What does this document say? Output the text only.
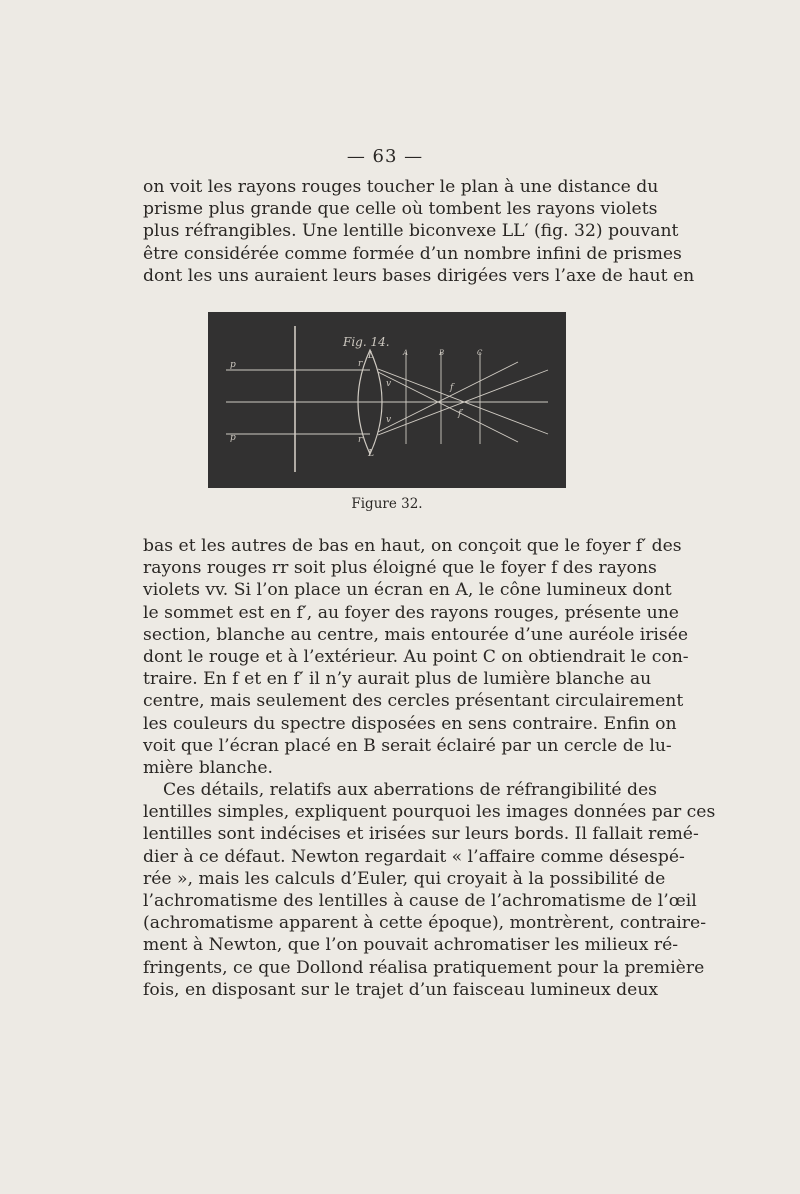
— 63 —

on voit les rayons rouges toucher le plan à une distance du
prisme plus grande que celle où tombent les rayons violets
plus réfrangibles. Une lentille biconvexe LL′ (fig. 32) pouvant
être considérée comme formée d’un nombre infini de prismes
dont les uns auraient leurs bases dirigées vers l’axe de haut en

Fig. 14.
L
L
A	B	C
p
p
f
f′
r
r
v
v
Figure 32.

bas et les autres de bas en haut, on conçoit que le foyer f′ des
rayons rouges rr soit plus éloigné que le foyer f des rayons
violets vv. Si l’on place un écran en A, le cône lumineux dont
le sommet est en f′, au foyer des rayons rouges, présente une
section, blanche au centre, mais entourée d’une auréole irisée
dont le rouge et à l’extérieur. Au point C on obtiendrait le con-
traire. En f et en f′ il n’y aurait plus de lumière blanche au
centre, mais seulement des cercles présentant circulairement
les couleurs du spectre disposées en sens contraire. Enfin on
voit que l’écran placé en B serait éclairé par un cercle de lu-
mière blanche.

Ces détails, relatifs aux aberrations de réfrangibilité des
lentilles simples, expliquent pourquoi les images données par ces
lentilles sont indécises et irisées sur leurs bords. Il fallait remé-
dier à ce défaut. Newton regardait « l’affaire comme désespé-
rée », mais les calculs d’Euler, qui croyait à la possibilité de
l’achromatisme des lentilles à cause de l’achromatisme de l’œil
(achromatisme apparent à cette époque), montrèrent, contraire-
ment à Newton, que l’on pouvait achromatiser les milieux ré-
fringents, ce que Dollond réalisa pratiquement pour la première
fois, en disposant sur le trajet d’un faisceau lumineux deux
